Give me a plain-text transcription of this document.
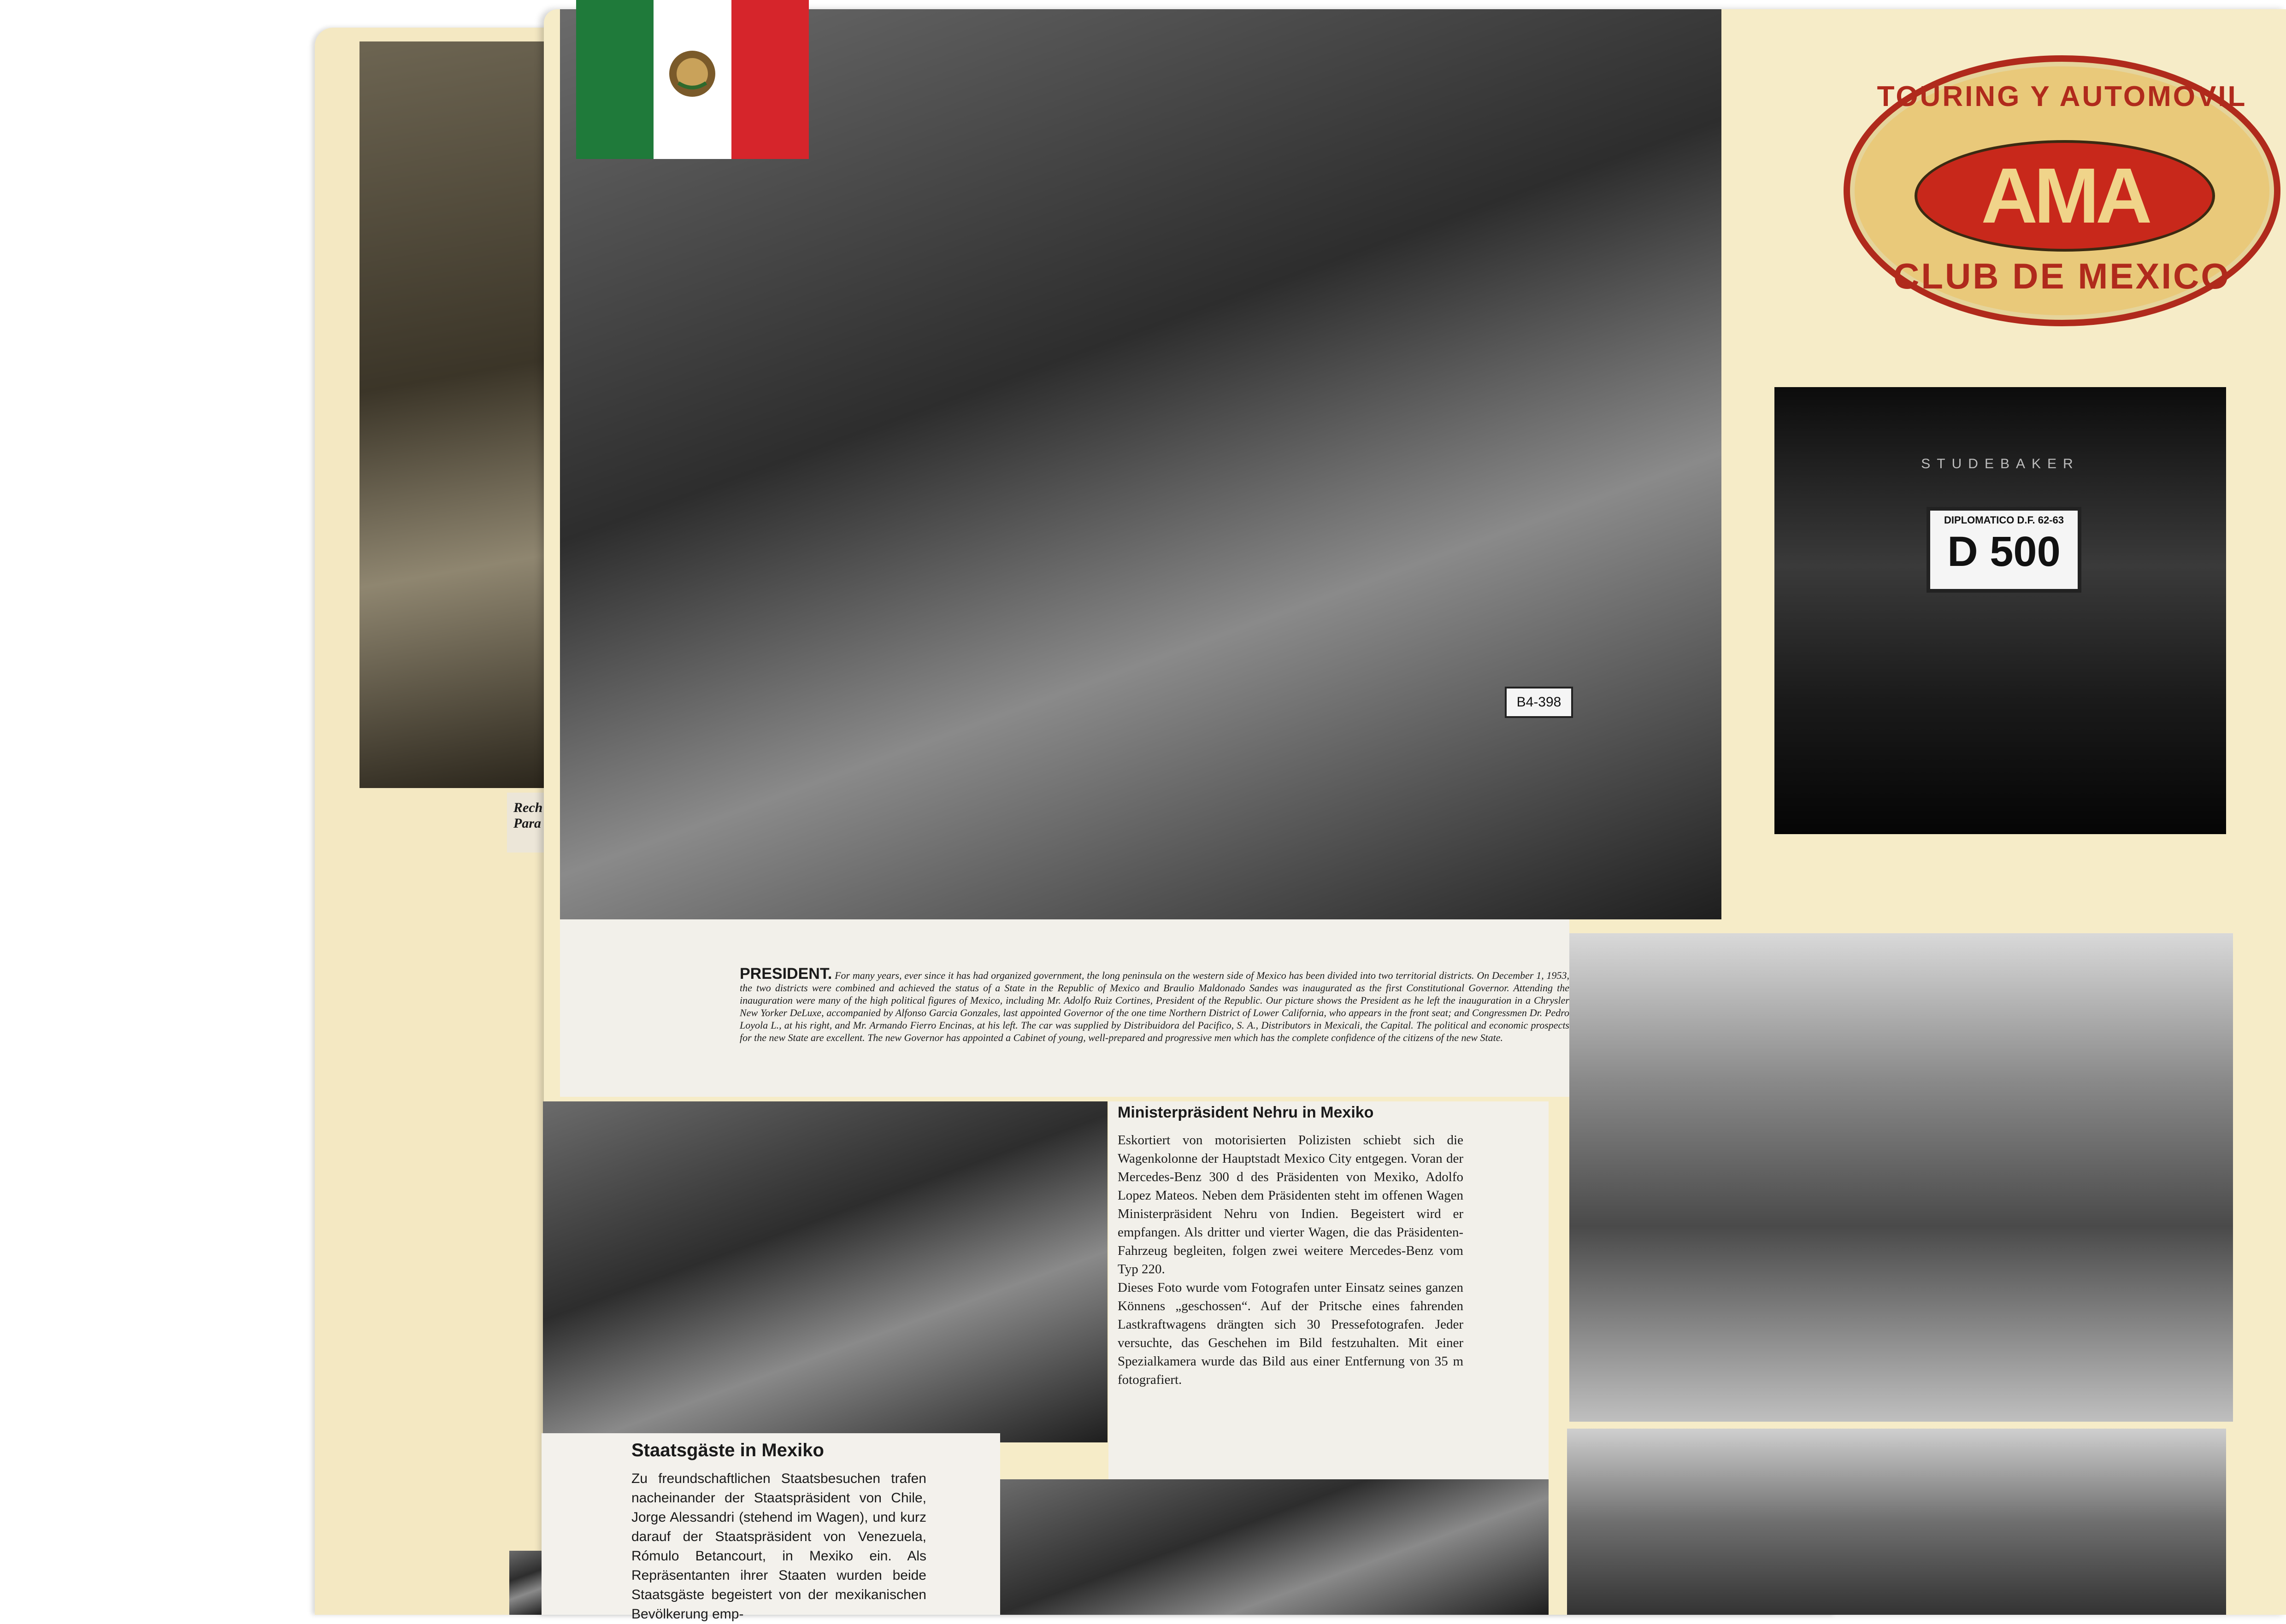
Rech
Para
B4-398
PRESIDENT. For many years, ever since it has had organized government, the long peninsula on the western side of Mexico has been divided into two territorial districts. On December 1, 1953, the two districts were combined and achieved the status of a State in the Republic of Mexico and Braulio Maldonado Sandes was inaugurated as the first Constitutional Governor. Attending the inauguration were many of the high political figures of Mexico, including Mr. Adolfo Ruiz Cortines, President of the Republic. Our picture shows the President as he left the inauguration in a Chrysler New Yorker DeLuxe, accompanied by Alfonso Garcia Gonzales, last appointed Governor of the one time Northern District of Lower California, who appears in the front seat; and Congressmen Dr. Pedro Loyola L., at his right, and Mr. Armando Fierro Encinas, at his left. The car was supplied by Distribuidora del Pacifico, S. A., Distributors in Mexicali, the Capital. The political and economic prospects for the new State are excellent. The new Governor has appointed a Cabinet of young, well-prepared and progressive men which has the complete confidence of the citizens of the new State.
TOURING Y AUTOMOVIL
AMA
CLUB DE MEXICO
STUDEBAKER
DIPLOMATICO D.F. 62-63
D 500
Ministerpräsident Nehru in Mexiko
Eskortiert von motorisierten Polizisten schiebt sich die Wagenkolonne der Hauptstadt Mexico City entgegen. Voran der Mercedes-Benz 300 d des Präsidenten von Mexiko, Adolfo Lopez Mateos. Neben dem Präsidenten steht im offenen Wagen Ministerpräsident Nehru von Indien. Begeistert wird er empfangen. Als dritter und vierter Wagen, die das Präsidenten-Fahrzeug begleiten, folgen zwei weitere Mercedes-Benz vom Typ 220.
Dieses Foto wurde vom Fotografen unter Einsatz seines ganzen Könnens „geschossen“. Auf der Pritsche eines fahrenden Lastkraftwagens drängten sich 30 Pressefotografen. Jeder versuchte, das Geschehen im Bild festzuhalten. Mit einer Spezialkamera wurde das Bild aus einer Entfernung von 35 m fotografiert.
Staatsgäste in Mexiko
Zu freundschaftlichen Staatsbesuchen trafen nacheinander der Staatspräsident von Chile, Jorge Alessandri (stehend im Wagen), und kurz darauf der Staatspräsident von Venezuela, Rómulo Betancourt, in Mexiko ein. Als Repräsentanten ihrer Staaten wurden beide Staatsgäste begeistert von der mexikanischen Bevölkerung emp-
